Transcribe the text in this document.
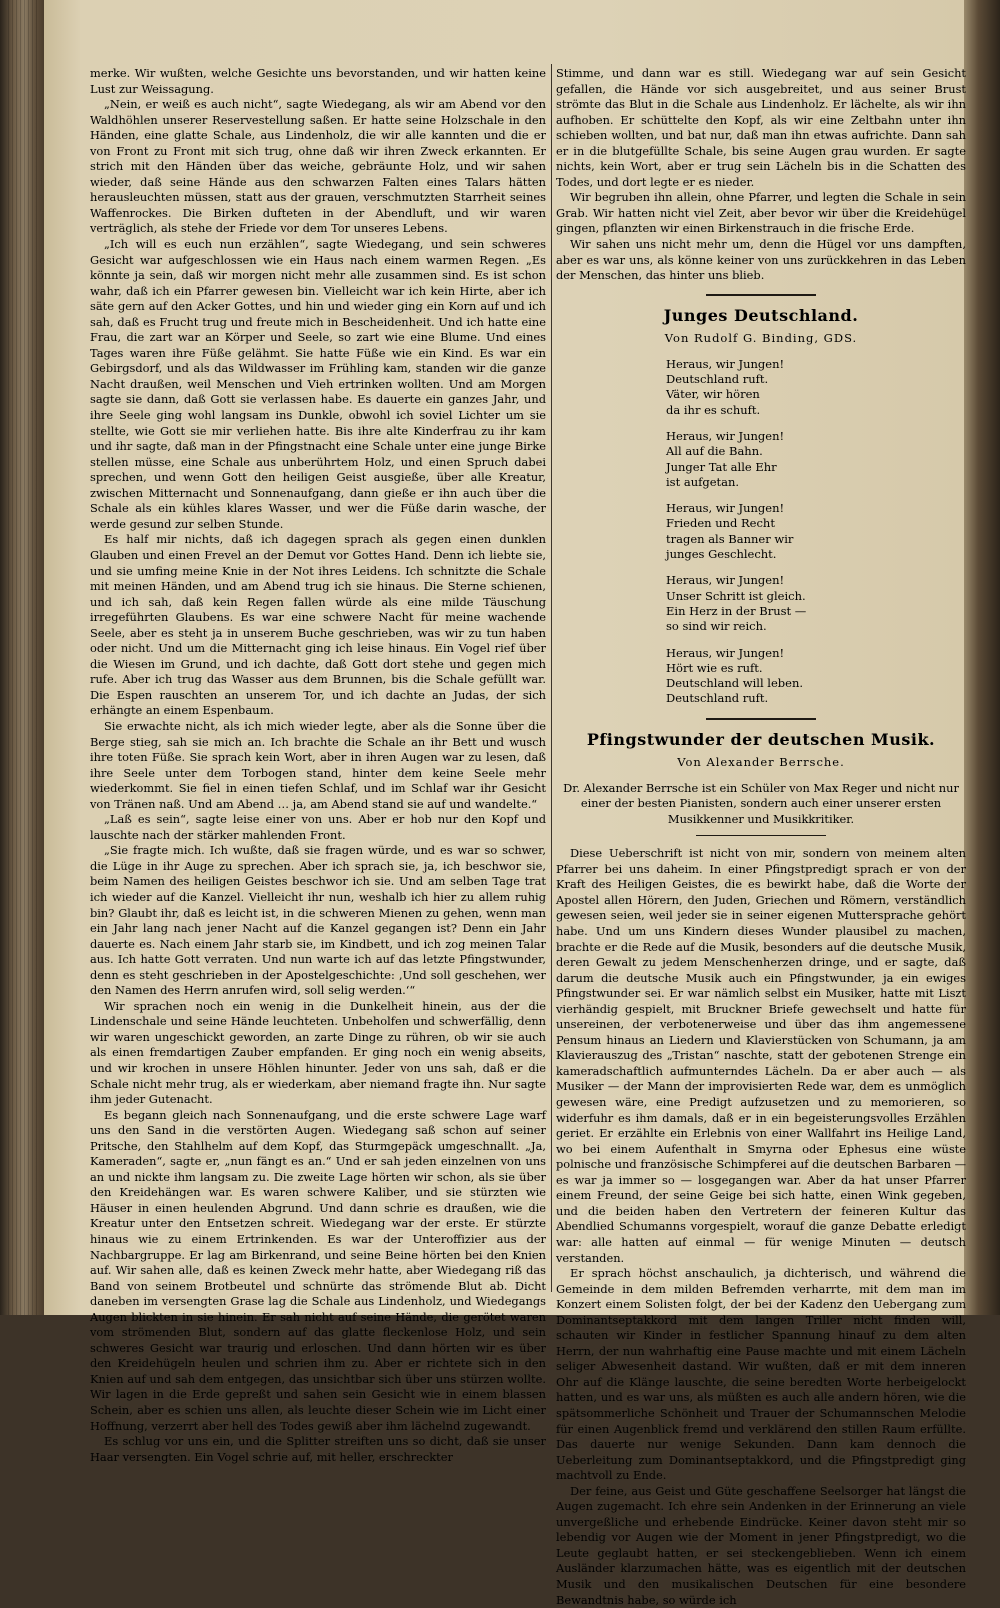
merke. Wir wußten, welche Gesichte uns bevorstanden, und wir hatten keine Lust zur Weissagung.

„Nein, er weiß es auch nicht“, sagte Wiedegang, als wir am Abend vor den Waldhöhlen unserer Reservestellung saßen. Er hatte seine Holzschale in den Händen, eine glatte Schale, aus Lindenholz, die wir alle kannten und die er von Front zu Front mit sich trug, ohne daß wir ihren Zweck erkannten. Er strich mit den Händen über das weiche, gebräunte Holz, und wir sahen wieder, daß seine Hände aus den schwarzen Falten eines Talars hätten herausleuchten müssen, statt aus der grauen, verschmutzten Starrheit seines Waffenrockes. Die Birken dufteten in der Abendluft, und wir waren verträglich, als stehe der Friede vor dem Tor unseres Lebens.

„Ich will es euch nun erzählen“, sagte Wiedegang, und sein schweres Gesicht war aufgeschlossen wie ein Haus nach einem warmen Regen. „Es könnte ja sein, daß wir morgen nicht mehr alle zusammen sind. Es ist schon wahr, daß ich ein Pfarrer gewesen bin. Vielleicht war ich kein Hirte, aber ich säte gern auf den Acker Gottes, und hin und wieder ging ein Korn auf und ich sah, daß es Frucht trug und freute mich in Bescheidenheit. Und ich hatte eine Frau, die zart war an Körper und Seele, so zart wie eine Blume. Und eines Tages waren ihre Füße gelähmt. Sie hatte Füße wie ein Kind. Es war ein Gebirgsdorf, und als das Wildwasser im Frühling kam, standen wir die ganze Nacht draußen, weil Menschen und Vieh ertrinken wollten. Und am Morgen sagte sie dann, daß Gott sie verlassen habe. Es dauerte ein ganzes Jahr, und ihre Seele ging wohl langsam ins Dunkle, obwohl ich soviel Lichter um sie stellte, wie Gott sie mir verliehen hatte. Bis ihre alte Kinderfrau zu ihr kam und ihr sagte, daß man in der Pfingstnacht eine Schale unter eine junge Birke stellen müsse, eine Schale aus unberührtem Holz, und einen Spruch dabei sprechen, und wenn Gott den heiligen Geist ausgieße, über alle Kreatur, zwischen Mitternacht und Sonnenaufgang, dann gieße er ihn auch über die Schale als ein kühles klares Wasser, und wer die Füße darin wasche, der werde gesund zur selben Stunde.

Es half mir nichts, daß ich dagegen sprach als gegen einen dunklen Glauben und einen Frevel an der Demut vor Gottes Hand. Denn ich liebte sie, und sie umfing meine Knie in der Not ihres Leidens. Ich schnitzte die Schale mit meinen Händen, und am Abend trug ich sie hinaus. Die Sterne schienen, und ich sah, daß kein Regen fallen würde als eine milde Täuschung irregeführten Glaubens. Es war eine schwere Nacht für meine wachende Seele, aber es steht ja in unserem Buche geschrieben, was wir zu tun haben oder nicht. Und um die Mitternacht ging ich leise hinaus. Ein Vogel rief über die Wiesen im Grund, und ich dachte, daß Gott dort stehe und gegen mich rufe. Aber ich trug das Wasser aus dem Brunnen, bis die Schale gefüllt war. Die Espen rauschten an unserem Tor, und ich dachte an Judas, der sich erhängte an einem Espenbaum.

Sie erwachte nicht, als ich mich wieder legte, aber als die Sonne über die Berge stieg, sah sie mich an. Ich brachte die Schale an ihr Bett und wusch ihre toten Füße. Sie sprach kein Wort, aber in ihren Augen war zu lesen, daß ihre Seele unter dem Torbogen stand, hinter dem keine Seele mehr wiederkommt. Sie fiel in einen tiefen Schlaf, und im Schlaf war ihr Gesicht von Tränen naß. Und am Abend … ja, am Abend stand sie auf und wandelte.“

„Laß es sein“, sagte leise einer von uns. Aber er hob nur den Kopf und lauschte nach der stärker mahlenden Front.

„Sie fragte mich. Ich wußte, daß sie fragen würde, und es war so schwer, die Lüge in ihr Auge zu sprechen. Aber ich sprach sie, ja, ich beschwor sie, beim Namen des heiligen Geistes beschwor ich sie. Und am selben Tage trat ich wieder auf die Kanzel. Vielleicht ihr nun, weshalb ich hier zu allem ruhig bin? Glaubt ihr, daß es leicht ist, in die schweren Mienen zu gehen, wenn man ein Jahr lang nach jener Nacht auf die Kanzel gegangen ist? Denn ein Jahr dauerte es. Nach einem Jahr starb sie, im Kindbett, und ich zog meinen Talar aus. Ich hatte Gott verraten. Und nun warte ich auf das letzte Pfingstwunder, denn es steht geschrieben in der Apostelgeschichte: ‚Und soll geschehen, wer den Namen des Herrn anrufen wird, soll selig werden.‘“

Wir sprachen noch ein wenig in die Dunkelheit hinein, aus der die Lindenschale und seine Hände leuchteten. Unbeholfen und schwerfällig, denn wir waren ungeschickt geworden, an zarte Dinge zu rühren, ob wir sie auch als einen fremdartigen Zauber empfanden. Er ging noch ein wenig abseits, und wir krochen in unsere Höhlen hinunter. Jeder von uns sah, daß er die Schale nicht mehr trug, als er wiederkam, aber niemand fragte ihn. Nur sagte ihm jeder Gutenacht.

Es begann gleich nach Sonnenaufgang, und die erste schwere Lage warf uns den Sand in die verstörten Augen. Wiedegang saß schon auf seiner Pritsche, den Stahlhelm auf dem Kopf, das Sturmgepäck umgeschnallt. „Ja, Kameraden“, sagte er, „nun fängt es an.“ Und er sah jeden einzelnen von uns an und nickte ihm langsam zu. Die zweite Lage hörten wir schon, als sie über den Kreidehängen war. Es waren schwere Kaliber, und sie stürzten wie Häuser in einen heulenden Abgrund. Und dann schrie es draußen, wie die Kreatur unter den Entsetzen schreit. Wiedegang war der erste. Er stürzte hinaus wie zu einem Ertrinkenden. Es war der Unteroffizier aus der Nachbargruppe. Er lag am Birkenrand, und seine Beine hörten bei den Knien auf. Wir sahen alle, daß es keinen Zweck mehr hatte, aber Wiedegang riß das Band von seinem Brotbeutel und schnürte das strömende Blut ab. Dicht daneben im versengten Grase lag die Schale aus Lindenholz, und Wiedegangs Augen blickten in sie hinein. Er sah nicht auf seine Hände, die gerötet waren vom strömenden Blut, sondern auf das glatte fleckenlose Holz, und sein schweres Gesicht war traurig und erloschen. Und dann hörten wir es über den Kreidehügeln heulen und schrien ihm zu. Aber er richtete sich in den Knien auf und sah dem entgegen, das unsichtbar sich über uns stürzen wollte. Wir lagen in die Erde gepreßt und sahen sein Gesicht wie in einem blassen Schein, aber es schien uns allen, als leuchte dieser Schein wie im Licht einer Hoffnung, verzerrt aber hell des Todes gewiß aber ihm lächelnd zugewandt.

Es schlug vor uns ein, und die Splitter streiften uns so dicht, daß sie unser Haar versengten. Ein Vogel schrie auf, mit heller, erschreckter

Stimme, und dann war es still. Wiedegang war auf sein Gesicht gefallen, die Hände vor sich ausgebreitet, und aus seiner Brust strömte das Blut in die Schale aus Lindenholz. Er lächelte, als wir ihn aufhoben. Er schüttelte den Kopf, als wir eine Zeltbahn unter ihn schieben wollten, und bat nur, daß man ihn etwas aufrichte. Dann sah er in die blutgefüllte Schale, bis seine Augen grau wurden. Er sagte nichts, kein Wort, aber er trug sein Lächeln bis in die Schatten des Todes, und dort legte er es nieder.

Wir begruben ihn allein, ohne Pfarrer, und legten die Schale in sein Grab. Wir hatten nicht viel Zeit, aber bevor wir über die Kreidehügel gingen, pflanzten wir einen Birkenstrauch in die frische Erde.

Wir sahen uns nicht mehr um, denn die Hügel vor uns dampften, aber es war uns, als könne keiner von uns zurückkehren in das Leben der Menschen, das hinter uns blieb.

Junges Deutschland.
Von Rudolf G. Binding, GDS.
Heraus, wir Jungen!
Deutschland ruft.
Väter, wir hören
da ihr es schuft.
Heraus, wir Jungen!
All auf die Bahn.
Junger Tat alle Ehr
ist aufgetan.
Heraus, wir Jungen!
Frieden und Recht
tragen als Banner wir
junges Geschlecht.
Heraus, wir Jungen!
Unser Schritt ist gleich.
Ein Herz in der Brust —
so sind wir reich.
Heraus, wir Jungen!
Hört wie es ruft.
Deutschland will leben.
Deutschland ruft.
Pfingstwunder der deutschen Musik.
Von Alexander Berrsche.
Dr. Alexander Berrsche ist ein Schüler von Max Reger und nicht nur einer der besten Pianisten, sondern auch einer unserer ersten Musikkenner und Musikkritiker.

Diese Ueberschrift ist nicht von mir, sondern von meinem alten Pfarrer bei uns daheim. In einer Pfingstpredigt sprach er von der Kraft des Heiligen Geistes, die es bewirkt habe, daß die Worte der Apostel allen Hörern, den Juden, Griechen und Römern, verständlich gewesen seien, weil jeder sie in seiner eigenen Muttersprache gehört habe. Und um uns Kindern dieses Wunder plausibel zu machen, brachte er die Rede auf die Musik, besonders auf die deutsche Musik, deren Gewalt zu jedem Menschenherzen dringe, und er sagte, daß darum die deutsche Musik auch ein Pfingstwunder, ja ein ewiges Pfingstwunder sei. Er war nämlich selbst ein Musiker, hatte mit Liszt vierhändig gespielt, mit Bruckner Briefe gewechselt und hatte für unsereinen, der verbotenerweise und über das ihm angemessene Pensum hinaus an Liedern und Klavierstücken von Schumann, ja am Klavierauszug des „Tristan“ naschte, statt der gebotenen Strenge ein kameradschaftlich aufmunterndes Lächeln. Da er aber auch — als Musiker — der Mann der improvisierten Rede war, dem es unmöglich gewesen wäre, eine Predigt aufzusetzen und zu memorieren, so widerfuhr es ihm damals, daß er in ein begeisterungsvolles Erzählen geriet. Er erzählte ein Erlebnis von einer Wallfahrt ins Heilige Land, wo bei einem Aufenthalt in Smyrna oder Ephesus eine wüste polnische und französische Schimpferei auf die deutschen Barbaren — es war ja immer so — losgegangen war. Aber da hat unser Pfarrer einem Freund, der seine Geige bei sich hatte, einen Wink gegeben, und die beiden haben den Vertretern der feineren Kultur das Abendlied Schumanns vorgespielt, worauf die ganze Debatte erledigt war: alle hatten auf einmal — für wenige Minuten — deutsch verstanden.

Er sprach höchst anschaulich, ja dichterisch, und während die Gemeinde in dem milden Befremden verharrte, mit dem man im Konzert einem Solisten folgt, der bei der Kadenz den Uebergang zum Dominantseptakkord mit dem langen Triller nicht finden will, schauten wir Kinder in festlicher Spannung hinauf zu dem alten Herrn, der nun wahrhaftig eine Pause machte und mit einem Lächeln seliger Abwesenheit dastand. Wir wußten, daß er mit dem inneren Ohr auf die Klänge lauschte, die seine beredten Worte herbeigelockt hatten, und es war uns, als müßten es auch alle andern hören, wie die spätsommerliche Schönheit und Trauer der Schumannschen Melodie für einen Augenblick fremd und verklärend den stillen Raum erfüllte. Das dauerte nur wenige Sekunden. Dann kam dennoch die Ueberleitung zum Dominantseptakkord, und die Pfingstpredigt ging machtvoll zu Ende.

Der feine, aus Geist und Güte geschaffene Seelsorger hat längst die Augen zugemacht. Ich ehre sein Andenken in der Erinnerung an viele unvergeßliche und erhebende Eindrücke. Keiner davon steht mir so lebendig vor Augen wie der Moment in jener Pfingstpredigt, wo die Leute geglaubt hatten, er sei steckengeblieben. Wenn ich einem Ausländer klarzumachen hätte, was es eigentlich mit der deutschen Musik und den musikalischen Deutschen für eine besondere Bewandtnis habe, so würde ich
